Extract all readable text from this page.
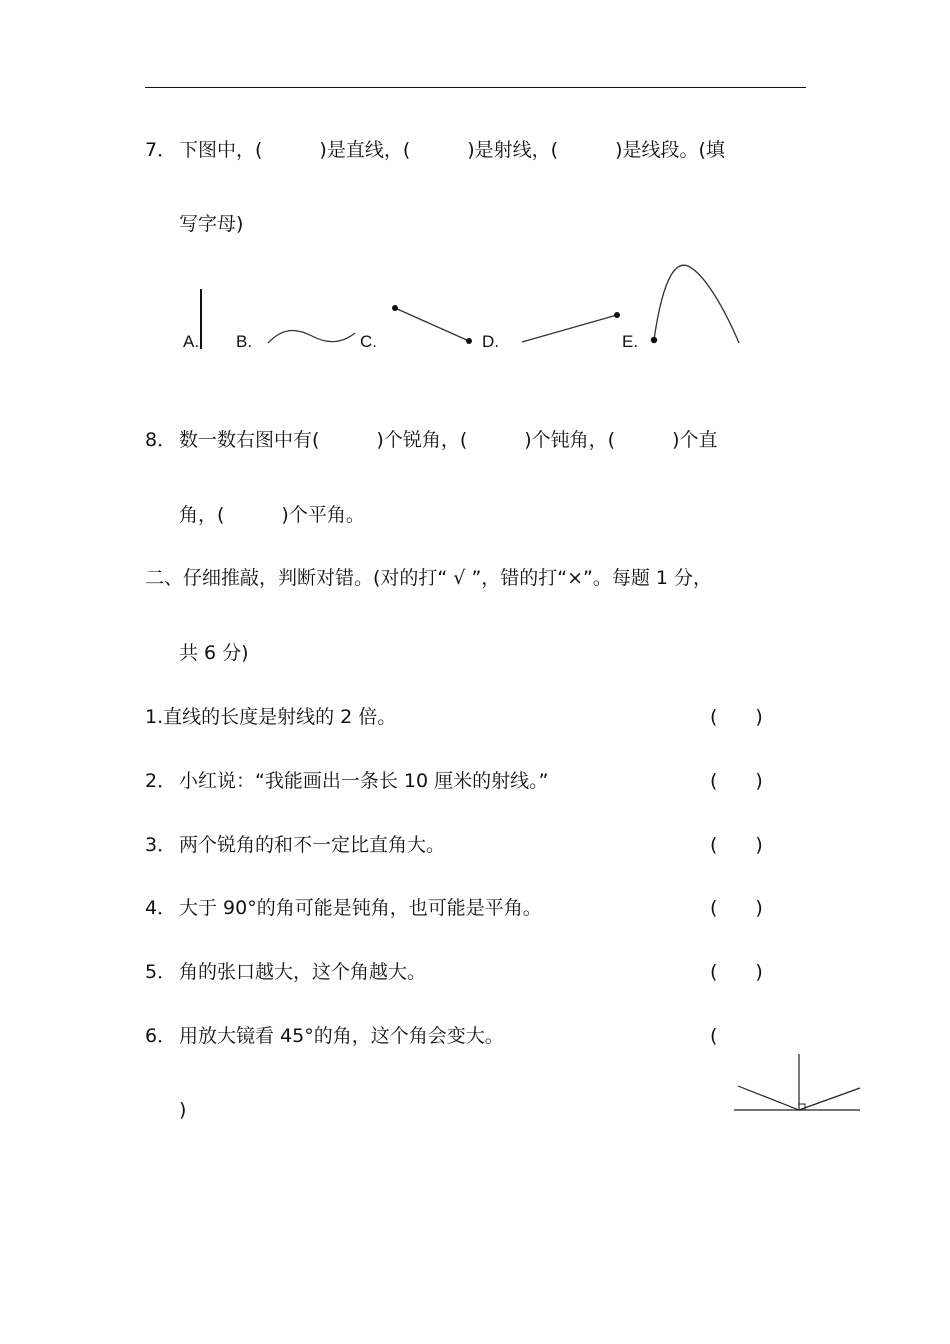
7． 下图中，(　　　)是直线，(　　　)是射线，(　　　)是线段。(填
写字母)
A. B.	C.	D.	E.
8． 数一数右图中有(　　　)个锐角，(　　　)个钝角，(　　　)个直
角，(　　　)个平角。
二、仔细推敲，判断对错。(对的打“ √ ”，错的打“×”。每题 1 分，
共 6 分)
1.直线的长度是射线的 2 倍。	(　　)
2． 小红说：“我能画出一条长 10 厘米的射线。”	(　　)
3． 两个锐角的和不一定比直角大。	(　　)
4． 大于 90°的角可能是钝角，也可能是平角。	(　　)
5． 角的张口越大，这个角越大。	(　　)
6． 用放大镜看 45°的角，这个角会变大。	(
)
